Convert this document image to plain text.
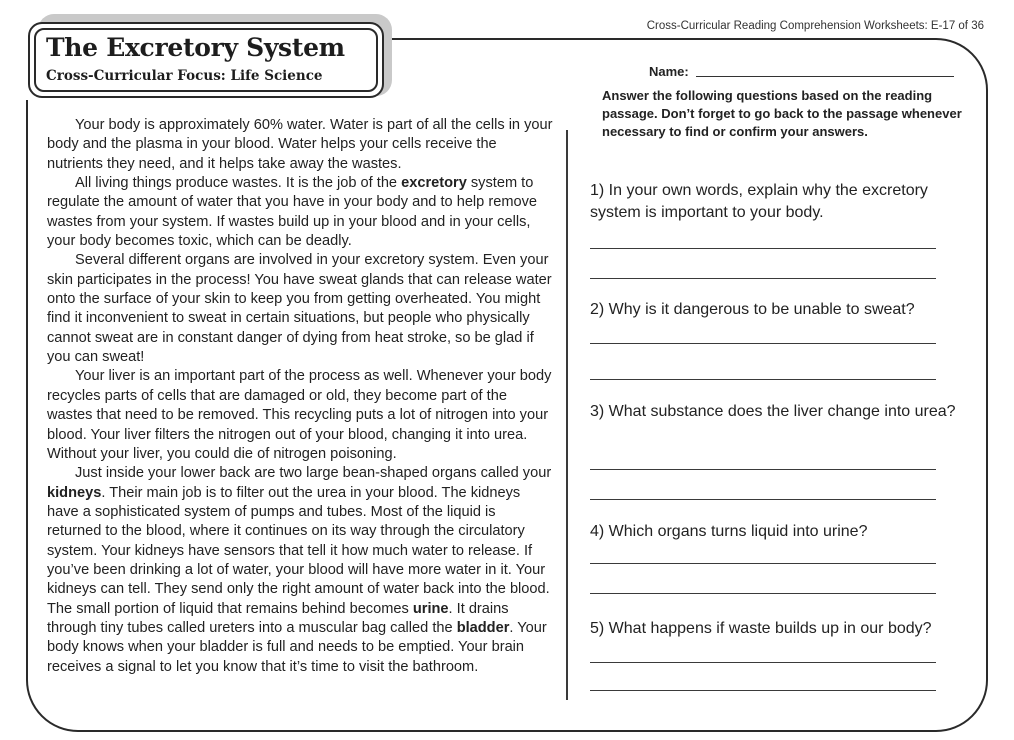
The Excretory System
Cross-Curricular Focus: Life Science
Cross-Curricular Reading Comprehension Worksheets: E-17 of 36

Your body is approximately 60% water. Water is part of all the cells in your body and the plasma in your blood. Water helps your cells receive the nutrients they need, and it helps take away the wastes.

All living things produce wastes. It is the job of the excretory system to regulate the amount of water that you have in your body and to help remove wastes from your system. If wastes build up in your blood and in your cells, your body becomes toxic, which can be deadly.

Several different organs are involved in your excretory system. Even your skin participates in the process! You have sweat glands that can release water onto the surface of your skin to keep you from getting overheated. You might find it inconvenient to sweat in certain situations, but people who physically cannot sweat are in constant danger of dying from heat stroke, so be glad if you can sweat!

Your liver is an important part of the process as well. Whenever your body recycles parts of cells that are damaged or old, they become part of the wastes that need to be removed. This recycling puts a lot of nitrogen into your blood. Your liver filters the nitrogen out of your blood, changing it into urea. Without your liver, you could die of nitrogen poisoning.

Just inside your lower back are two large bean-shaped organs called your kidneys. Their main job is to filter out the urea in your blood. The kidneys have a sophisticated system of pumps and tubes. Most of the liquid is returned to the blood, where it continues on its way through the circulatory system. Your kidneys have sensors that tell it how much water to release. If you’ve been drinking a lot of water, your blood will have more water in it. Your kidneys can tell. They send only the right amount of water back into the blood. The small portion of liquid that remains behind becomes urine. It drains through tiny tubes called ureters into a muscular bag called the bladder. Your body knows when your bladder is full and needs to be emptied. Your brain receives a signal to let you know that it’s time to visit the bathroom.

Name:
Answer the following questions based on the reading passage. Don’t forget to go back to the passage whenever necessary to find or confirm your answers.
1) In your own words, explain why the excretory system is important to your body.
2) Why is it dangerous to be unable to sweat?
3) What substance does the liver change into urea?
4) Which organs turns liquid into urine?
5) What happens if waste builds up in our body?
